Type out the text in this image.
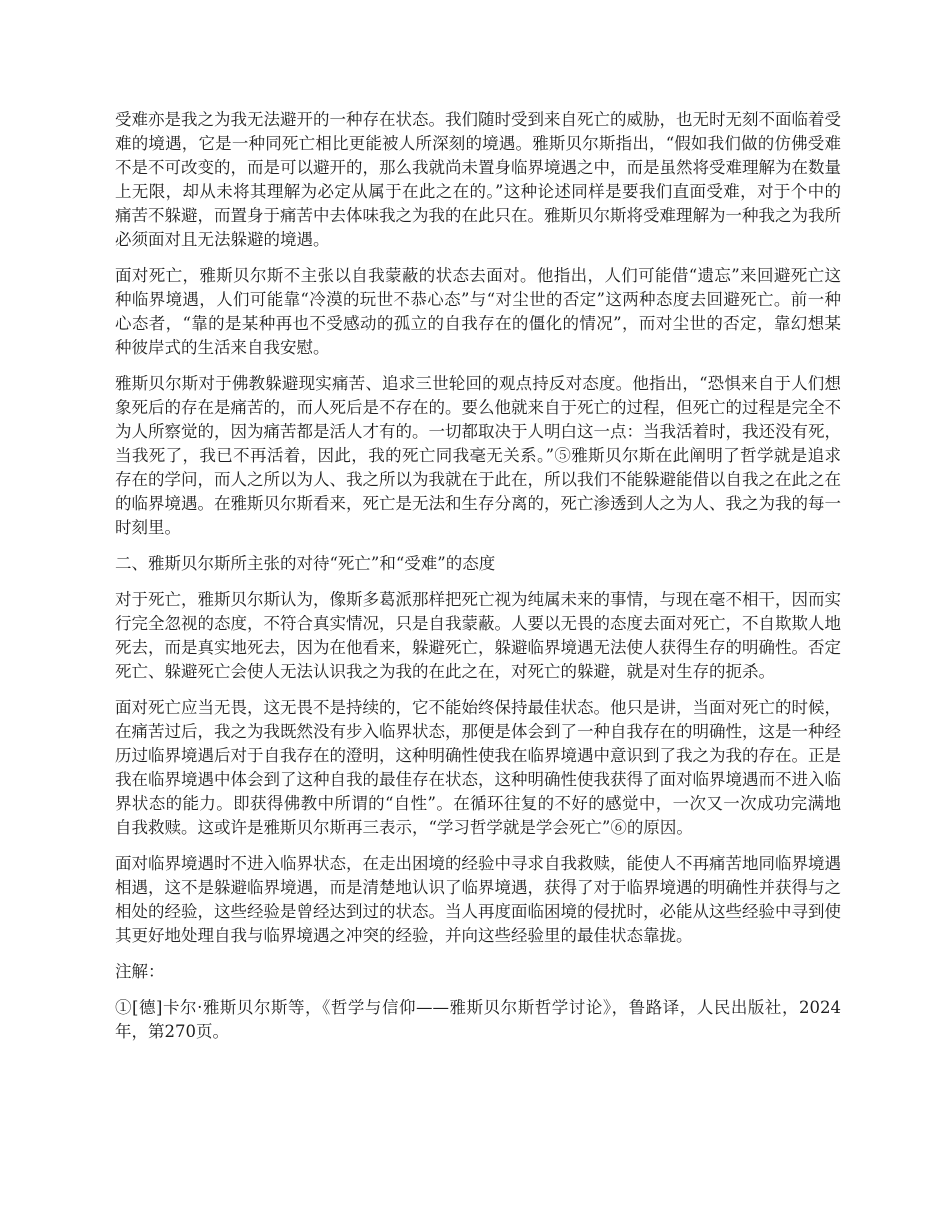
受难亦是我之为我无法避开的一种存在状态。我们随时受到来自死亡的威胁，也无时无刻不面临着受难的境遇，它是一种同死亡相比更能被人所深刻的境遇。雅斯贝尔斯指出，“假如我们做的仿佛受难不是不可改变的，而是可以避开的，那么我就尚未置身临界境遇之中，而是虽然将受难理解为在数量上无限，却从未将其理解为必定从属于在此之在的。”这种论述同样是要我们直面受难，对于个中的痛苦不躲避，而置身于痛苦中去体味我之为我的在此只在。雅斯贝尔斯将受难理解为一种我之为我所必须面对且无法躲避的境遇。

面对死亡，雅斯贝尔斯不主张以自我蒙蔽的状态去面对。他指出，人们可能借“遗忘”来回避死亡这种临界境遇，人们可能靠“冷漠的玩世不恭心态”与“对尘世的否定”这两种态度去回避死亡。前一种心态者，“靠的是某种再也不受感动的孤立的自我存在的僵化的情况”，而对尘世的否定，靠幻想某种彼岸式的生活来自我安慰。

雅斯贝尔斯对于佛教躲避现实痛苦、追求三世轮回的观点持反对态度。他指出，“恐惧来自于人们想象死后的存在是痛苦的，而人死后是不存在的。要么他就来自于死亡的过程，但死亡的过程是完全不为人所察觉的，因为痛苦都是活人才有的。一切都取决于人明白这一点：当我活着时，我还没有死，当我死了，我已不再活着，因此，我的死亡同我毫无关系。”⑤雅斯贝尔斯在此阐明了哲学就是追求存在的学问，而人之所以为人、我之所以为我就在于此在，所以我们不能躲避能借以自我之在此之在的临界境遇。在雅斯贝尔斯看来，死亡是无法和生存分离的，死亡渗透到人之为人、我之为我的每一时刻里。

二、雅斯贝尔斯所主张的对待“死亡”和“受难”的态度

对于死亡，雅斯贝尔斯认为，像斯多葛派那样把死亡视为纯属未来的事情，与现在毫不相干，因而实行完全忽视的态度，不符合真实情况，只是自我蒙蔽。人要以无畏的态度去面对死亡，不自欺欺人地死去，而是真实地死去，因为在他看来，躲避死亡，躲避临界境遇无法使人获得生存的明确性。否定死亡、躲避死亡会使人无法认识我之为我的在此之在，对死亡的躲避，就是对生存的扼杀。

面对死亡应当无畏，这无畏不是持续的，它不能始终保持最佳状态。他只是讲，当面对死亡的时候，在痛苦过后，我之为我既然没有步入临界状态，那便是体会到了一种自我存在的明确性，这是一种经历过临界境遇后对于自我存在的澄明，这种明确性使我在临界境遇中意识到了我之为我的存在。正是我在临界境遇中体会到了这种自我的最佳存在状态，这种明确性使我获得了面对临界境遇而不进入临界状态的能力。即获得佛教中所谓的“自性”。在循环往复的不好的感觉中，一次又一次成功完满地自我救赎。这或许是雅斯贝尔斯再三表示，“学习哲学就是学会死亡”⑥的原因。

面对临界境遇时不进入临界状态，在走出困境的经验中寻求自我救赎，能使人不再痛苦地同临界境遇相遇，这不是躲避临界境遇，而是清楚地认识了临界境遇，获得了对于临界境遇的明确性并获得与之相处的经验，这些经验是曾经达到过的状态。当人再度面临困境的侵扰时，必能从这些经验中寻到使其更好地处理自我与临界境遇之冲突的经验，并向这些经验里的最佳状态靠拢。

注解：

①[德]卡尔·雅斯贝尔斯等，《哲学与信仰——雅斯贝尔斯哲学讨论》，鲁路译，人民出版社，2024年，第270页。
